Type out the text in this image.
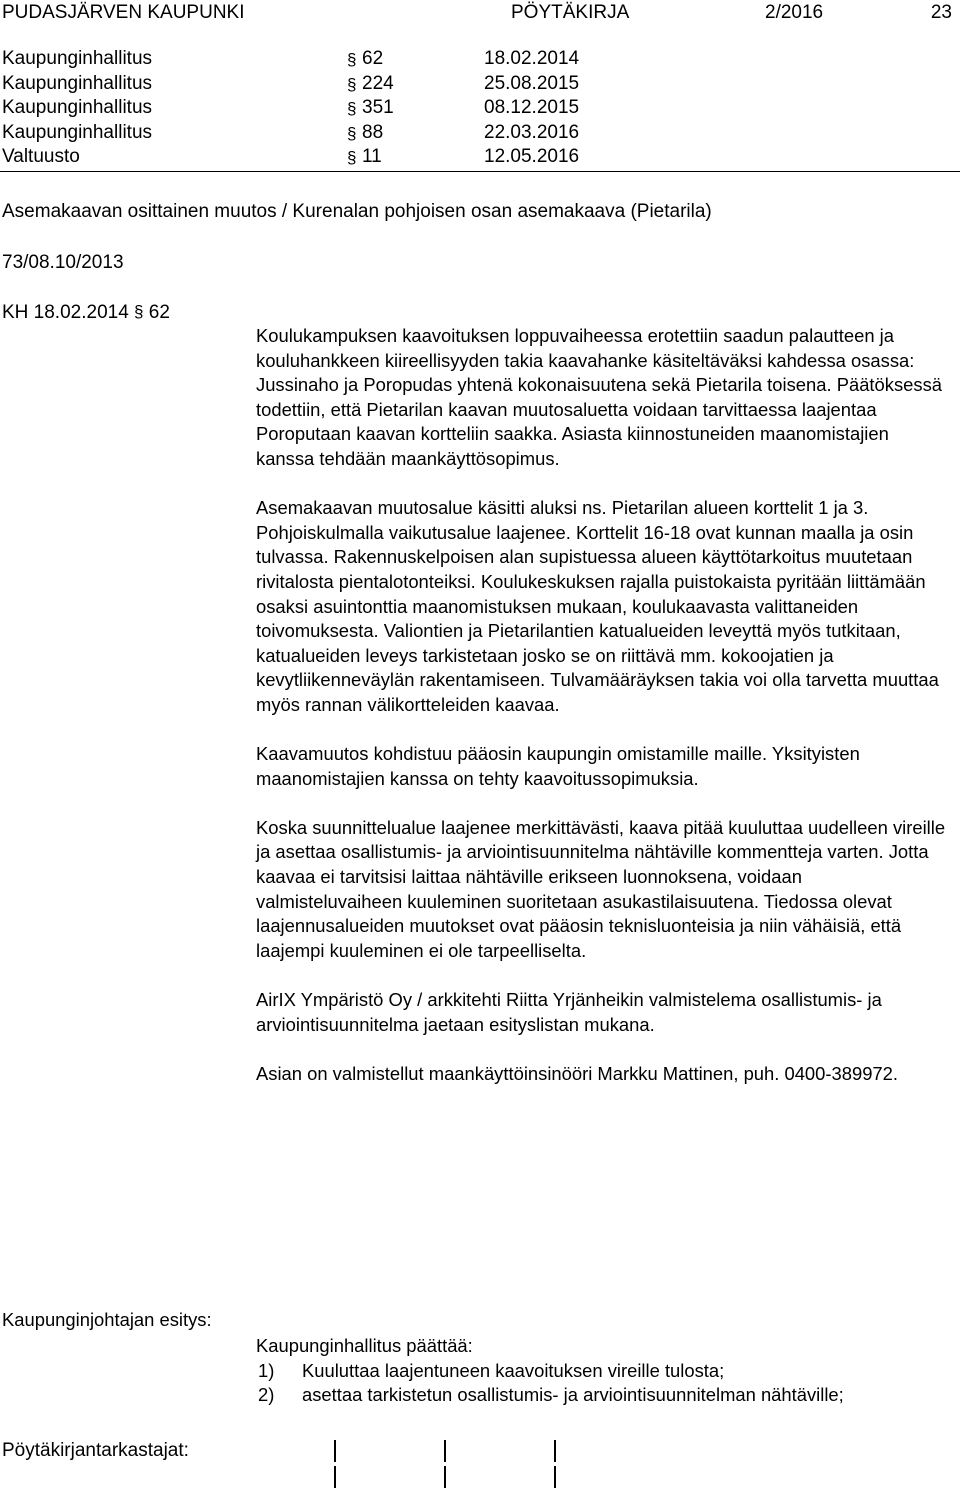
PUDASJÄRVEN KAUPUNKI	PÖYTÄKIRJA	2/2016	23
Kaupunginhallitus	§ 62	18.02.2014
Kaupunginhallitus	§ 224	25.08.2015
Kaupunginhallitus	§ 351	08.12.2015
Kaupunginhallitus	§ 88	22.03.2016
Valtuusto	§ 11	12.05.2016
Asemakaavan osittainen muutos / Kurenalan pohjoisen osan asemakaava (Pietarila)
73/08.10/2013
KH 18.02.2014 § 62

Koulukampuksen kaavoituksen loppuvaiheessa erotettiin saadun palautteen ja kouluhankkeen kiireellisyyden takia kaavahanke käsiteltäväksi kahdessa osassa: Jussinaho ja Poropudas yhtenä kokonaisuutena sekä Pietarila toisena. Päätöksessä todettiin, että Pietarilan kaavan muutosaluetta voidaan tarvittaessa laajentaa Poroputaan kaavan kortteliin saakka. Asiasta kiinnostuneiden maanomistajien kanssa tehdään maankäyttösopimus.

Asemakaavan muutosalue käsitti aluksi ns. Pietarilan alueen korttelit 1 ja 3. Pohjoiskulmalla vaikutusalue laajenee. Korttelit 16-18 ovat kunnan maalla ja osin tulvassa. Rakennuskelpoisen alan supistuessa alueen käyttötarkoitus muutetaan rivitalosta pientalotonteiksi. Koulukeskuksen rajalla puistokaista pyritään liittämään osaksi asuintonttia maanomistuksen mukaan, koulukaavasta valittaneiden toivomuksesta. Valiontien ja Pietarilantien katualueiden leveyttä myös tutkitaan, katualueiden leveys tarkistetaan josko se on riittävä mm. kokoojatien ja kevytliikenneväylän rakentamiseen. Tulvamääräyksen takia voi olla tarvetta muuttaa myös rannan välikortteleiden kaavaa.

Kaavamuutos kohdistuu pääosin kaupungin omistamille maille. Yksityisten maanomistajien kanssa on tehty kaavoitussopimuksia.

Koska suunnittelualue laajenee merkittävästi, kaava pitää kuuluttaa uudelleen vireille ja asettaa osallistumis- ja arviointisuunnitelma nähtäville kommentteja varten. Jotta kaavaa ei tarvitsisi laittaa nähtäville erikseen luonnoksena, voidaan valmisteluvaiheen kuuleminen suoritetaan asukastilaisuutena. Tiedossa olevat laajennusalueiden muutokset ovat pääosin teknisluonteisia ja niin vähäisiä, että laajempi kuuleminen ei ole tarpeelliselta.

AirIX Ympäristö Oy / arkkitehti Riitta Yrjänheikin valmistelema osallistumis- ja arviointisuunnitelma jaetaan esityslistan mukana.

Asian on valmistellut maankäyttöinsinööri Markku Mattinen, puh. 0400-389972.

Kaupunginjohtajan esitys:

Kaupunginhallitus päättää:

1) Kuuluttaa laajentuneen kaavoituksen vireille tulosta;
2) asettaa tarkistetun osallistumis- ja arviointisuunnitelman nähtäville;
Pöytäkirjantarkastajat:
